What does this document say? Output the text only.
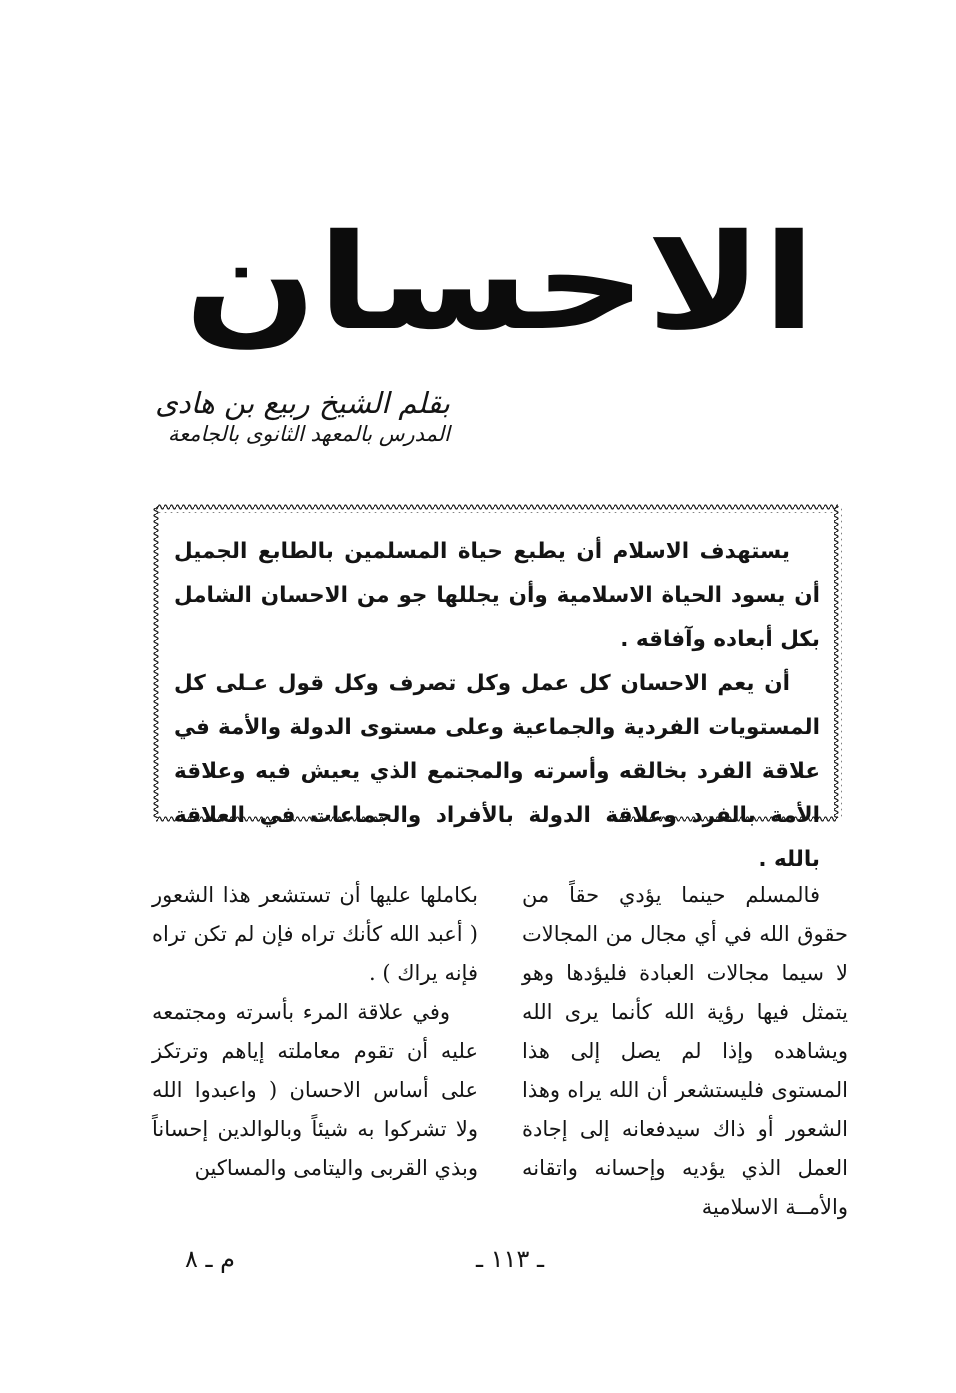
الاحسان
بقلم الشيخ ربيع بن هادى
المدرس بالمعهد الثانوى بالجامعة

يستهدف الاسلام أن يطبع حياة المسلمين بالطابع الجميل أن يسود الحياة الاسلامية وأن يجللها جو من الاحسان الشامل بكل أبعاده وآفاقه .

أن يعم الاحسان كل عمل وكل تصرف وكل قول عـلى كل المستويات الفردية والجماعية وعلى مستوى الدولة والأمة في علاقة الفرد بخالقه وأسرته والمجتمع الذي يعيش فيه وعلاقة الأمة بالفرد وعلاقة الدولة بالأفراد والجماعات في العلاقة بالله .

فالمسلم حينما يؤدي حقاً من حقوق الله في أي مجال من المجالات لا سيما مجالات العبادة فليؤدها وهو يتمثل فيها رؤية الله كأنما يرى الله ويشاهده وإذا لم يصل إلى هذا المستوى فليستشعر أن الله يراه وهذا الشعور أو ذاك سيدفعانه إلى إجادة العمل الذي يؤديه وإحسانه واتقانه والأمــة الاسلامية

بكاملها عليها أن تستشعر هذا الشعور ( أعبد الله كأنك تراه فإن لم تكن تراه فإنه يراك ) .

وفي علاقة المرء بأسرته ومجتمعه عليه أن تقوم معاملته إياهم وترتكز على أساس الاحسان ( واعبدوا الله ولا تشركوا به شيئاً وبالوالدين إحساناً وبذي القربى واليتامى والمساكين

ـ ١١٣ ـ
م ـ ٨
